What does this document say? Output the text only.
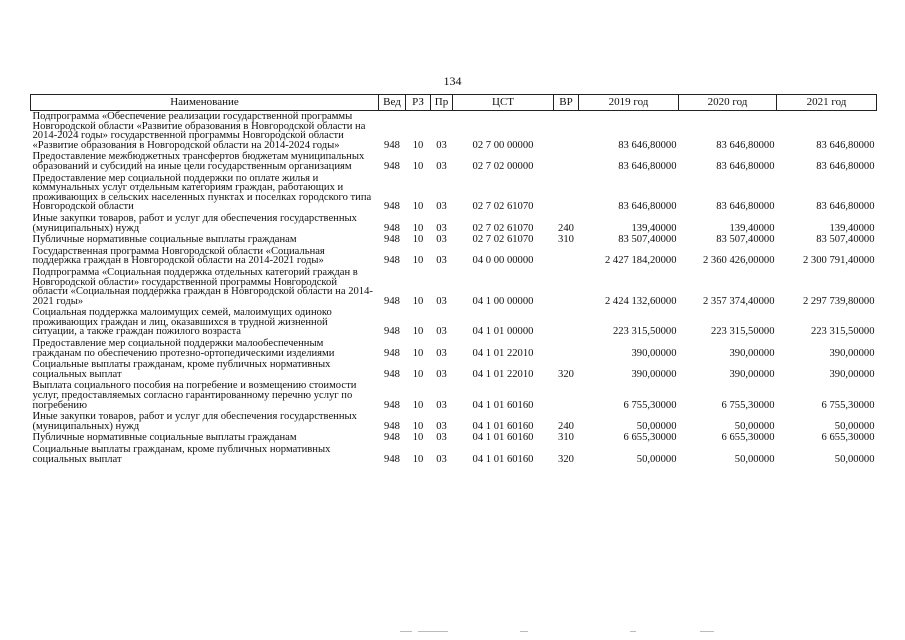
134
Наименование	Вед	РЗ	Пр	ЦСТ	ВР	2019 год	2020 год	2021 год
Подпрограмма «Обеспечение реализации государственной программы Новгородской области «Развитие образования в Новгородской области на 2014-2024 годы» государственной программы Новгородской области «Развитие образования в Новгородской области на 2014-2024 годы»	948	10	03	02 7 00 00000		83 646,80000	83 646,80000	83 646,80000
Предоставление межбюджетных трансфертов бюджетам муниципальных образований и субсидий на иные цели государственным организациям	948	10	03	02 7 02 00000		83 646,80000	83 646,80000	83 646,80000
Предоставление мер социальной поддержки по оплате жилья и коммунальных услуг отдельным категориям граждан, работающих и проживающих в сельских населенных пунктах и поселках городского типа Новгородской области	948	10	03	02 7 02 61070		83 646,80000	83 646,80000	83 646,80000
Иные закупки товаров, работ и услуг для обеспечения государственных (муниципальных) нужд	948	10	03	02 7 02 61070	240	139,40000	139,40000	139,40000
Публичные нормативные социальные выплаты гражданам	948	10	03	02 7 02 61070	310	83 507,40000	83 507,40000	83 507,40000
Государственная программа Новгородской области «Социальная поддержка граждан в Новгородской области на 2014-2021 годы»	948	10	03	04 0 00 00000		2 427 184,20000	2 360 426,00000	2 300 791,40000
Подпрограмма «Социальная поддержка отдельных категорий граждан в Новгородской области» государственной программы Новгородской области «Социальная поддержка граждан в Новгородской области на 2014-2021 годы»	948	10	03	04 1 00 00000		2 424 132,60000	2 357 374,40000	2 297 739,80000
Социальная поддержка малоимущих семей, малоимущих одиноко проживающих граждан и лиц, оказавшихся в трудной жизненной ситуации, а также граждан пожилого возраста	948	10	03	04 1 01 00000		223 315,50000	223 315,50000	223 315,50000
Предоставление мер социальной поддержки малообеспеченным гражданам по обеспечению протезно-ортопедическими изделиями	948	10	03	04 1 01 22010		390,00000	390,00000	390,00000
Социальные выплаты гражданам, кроме публичных нормативных социальных выплат	948	10	03	04 1 01 22010	320	390,00000	390,00000	390,00000
Выплата социального пособия на погребение и возмещению стоимости услуг, предоставляемых согласно гарантированному перечню услуг по погребению	948	10	03	04 1 01 60160		6 755,30000	6 755,30000	6 755,30000
Иные закупки товаров, работ и услуг для обеспечения государственных (муниципальных) нужд	948	10	03	04 1 01 60160	240	50,00000	50,00000	50,00000
Публичные нормативные социальные выплаты гражданам	948	10	03	04 1 01 60160	310	6 655,30000	6 655,30000	6 655,30000
Социальные выплаты гражданам, кроме публичных нормативных социальных выплат	948	10	03	04 1 01 60160	320	50,00000	50,00000	50,00000
